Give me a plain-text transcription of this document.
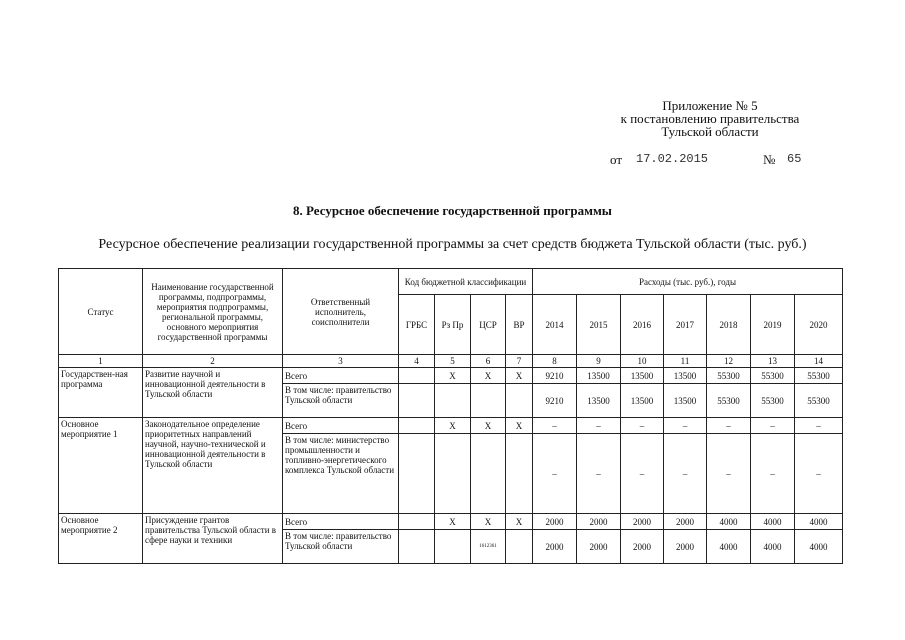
Приложение № 5
к постановлению правительства
Тульской области
от 17.02.2015	№ 65
8. Ресурсное обеспечение государственной программы
Ресурсное обеспечение реализации государственной программы за счет средств бюджета Тульской области (тыс. руб.)
Статус	Наименование государственной программы, подпрограммы, мероприятия подпрограммы, региональной программы, основного мероприятия государственной программы	Ответственный исполнитель, соисполнители	Код бюджетной классификации				Расходы (тыс. руб.), годы						
			ГРБС	Рз Пр	ЦСР	ВР	2014	2015	2016	2017	2018	2019	2020
1	2	3	4	5	6	7	8	9	10	11	12	13	14
Государствен-ная программа	Развитие научной и инновационной деятельности в Тульской области	Всего		X	X	X	9210	13500	13500	13500	55300	55300	55300
		В том числе: правительство Тульской области					9210	13500	13500	13500	55300	55300	55300
Основное мероприятие 1	Законодательное определение приоритетных направлений научной, научно-технической и инновационной деятельности в Тульской области	Всего		X	X	X	–	–	–	–	–	–	–
		В том числе: министерство промышленности и топливно-энергетического комплекса Тульской области					–	–	–	–	–	–	–
Основное мероприятие 2	Присуждение грантов правительства Тульской области в сфере науки и техники	Всего		X	X	X	2000	2000	2000	2000	4000	4000	4000
		В том числе: правительство Тульской области			1612361		2000	2000	2000	2000	4000	4000	4000
